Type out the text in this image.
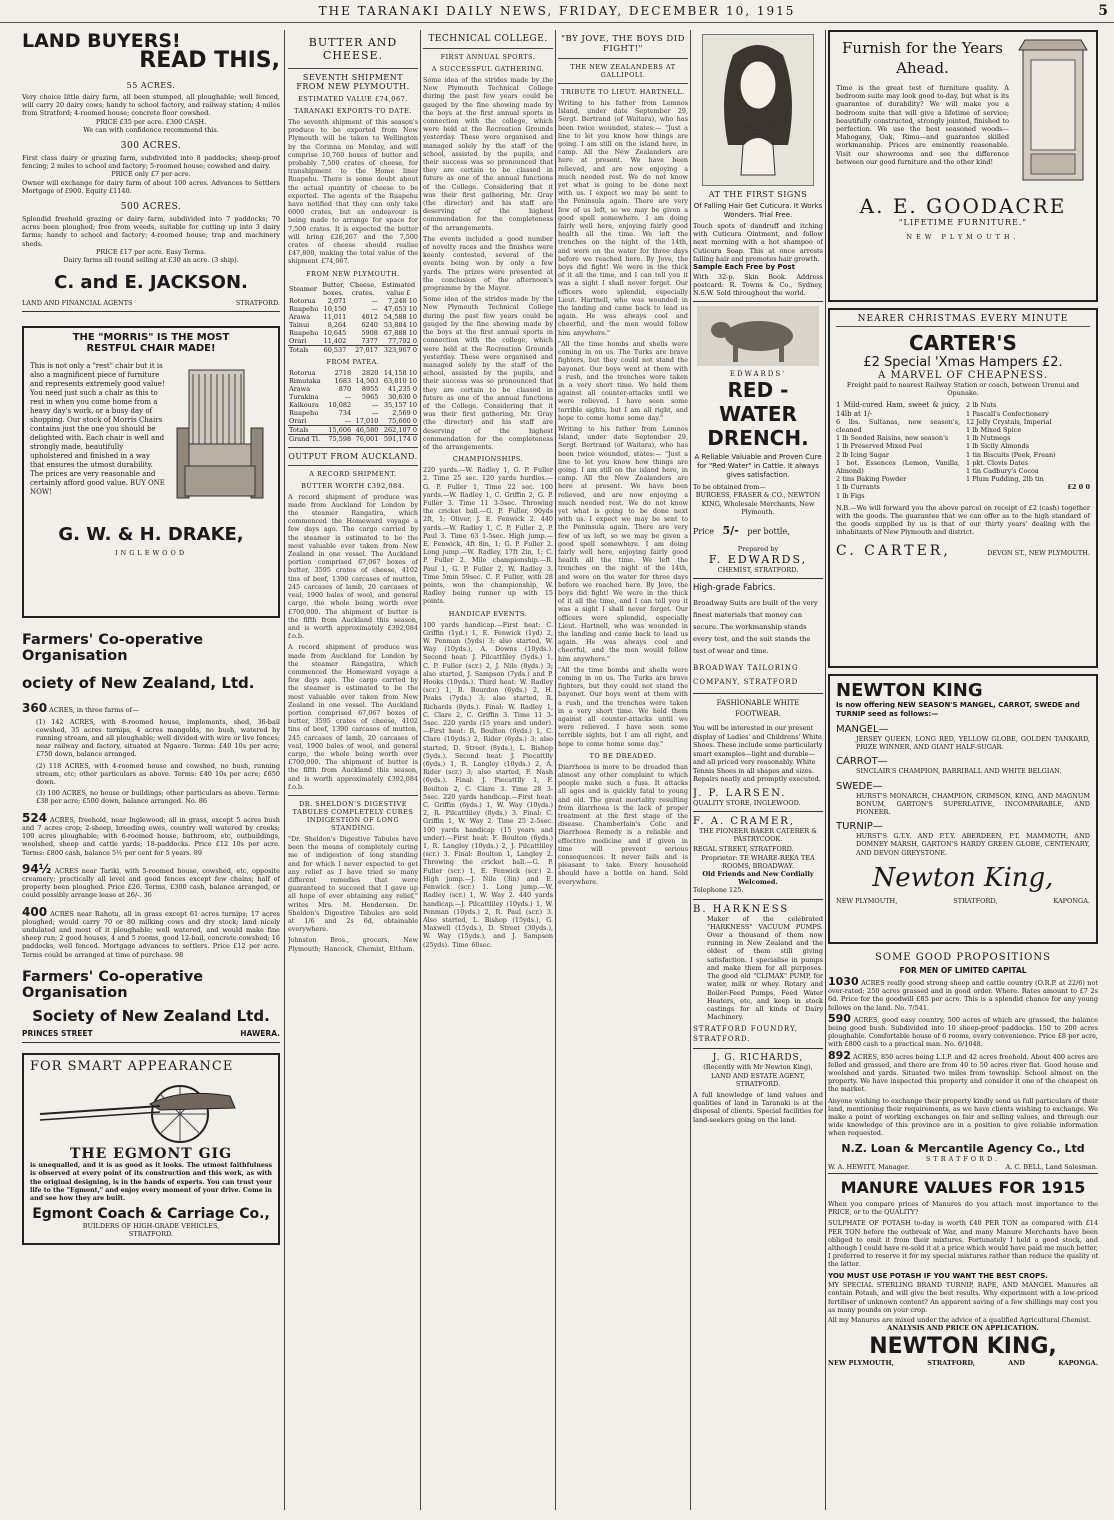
THE TARANAKI DAILY NEWS, FRIDAY, DECEMBER 10, 1915	5
LAND BUYERS!
READ THIS,
55 ACRES.
Very choice little dairy farm, all been stumped, all ploughable; well fenced, will carry 20 dairy cows; handy to school factory, and railway station; 4 miles from Stratford; 4-roomed house; concrete floor cowshed.
PRICE £35 per acre. £300 CASH.
We can with confidence recommend this.
300 ACRES.
First class dairy or grazing farm, subdivided into 8 paddocks; sheep-proof fencing; 2 miles to school and factory; 5-roomed house; cowshed and dairy.
PRICE only £7 per acre.
Owner will exchange for dairy farm of about 100 acres. Advances to Settlers Mortgage of £900. Equity £1140.
500 ACRES.
Splendid freehold grazing or dairy farm, subdivided into 7 paddocks; 70 acres been ploughed; free from weeds, suitable for cutting up into 3 dairy farms; handy to school and factory; 4-roomed house; trap and machinery sheds.
PRICE £17 per acre. Easy Terms.
Dairy farms all round selling at £30 an acre. (3 ship).
C. and E. JACKSON.
LAND AND FINANCIAL AGENTS	STRATFORD.
THE "MORRIS" IS THE MOST
RESTFUL CHAIR MADE!
This is not only a "rest" chair but it is also a magnificent piece of furniture and represents extremely good value! You need just such a chair as this to rest in when you come home from a heavy day's work, or a busy day of shopping. Our stock of Morris Chairs contains just the one you should be delighted with. Each chair is well and strongly made, beautifully upholstered and finished in a way that ensures the utmost durability. The prices are very reasonable and certainly afford good value. BUY ONE NOW!
G. W. & H. DRAKE,
INGLEWOOD
Farmers' Co-operative Organisation
ociety of New Zealand, Ltd.
360 ACRES, in three farms of—
(1) 142 ACRES, with 8-roomed house, implements, shed, 36-bail cowshed, 35 acres turnips, 4 acres mangolds, no bush, watered by running stream, and all ploughable; well divided with wire or live fences; near railway and factory, situated at Ngaere. Terms: £40 10s per acre; £750 down, balance arranged.
(2) 118 ACRES, with 4-roomed house and cowshed, no bush, running stream, etc; other particulars as above. Terms: £40 10s per acre; £650 down.
(3) 100 ACRES, no house or buildings; other particulars as above. Terms: £38 per acre; £500 down, balance arranged. No. 86
524 ACRES, freehold, near Inglewood; all in grass, except 5 acres bush and 7 acres crop; 2-sheep, breeding ewes, country well watered by creeks; 100 acres ploughable; with 6-roomed house, bathroom, etc, outbuildings, woolshed, sheep and cattle yards; 18-paddocks. Price £12 10s per acre. Terms: £800 cash, balance 5½ per cent for 5 years. 89
94½ ACRES near Tariki, with 5-roomed house, cowshed, etc, opposite creamery; practically all level and good fences except few chains; half of property been ploughed. Price £26. Terms, £300 cash, balance arranged, or could possibly arrange lease at 26/-. 36
400 ACRES near Rahotu, all in grass except 61 acres turnips; 17 acres ploughed; would carry 70 or 80 milking cows and dry stock; land nicely undulated and most of it ploughable; well watered, and would make fine sheep run; 2 good houses, 4 and 5 rooms, good 12-bail, concrete cowshed; 16 paddocks, well fenced. Mortgage advances to settlers. Price £12 per acre. Terms could be arranged at time of purchase. 98
Farmers' Co-operative Organisation
Society of New Zealand Ltd.
PRINCES STREET	HAWERA.
FOR SMART APPEARANCE
THE EGMONT GIG
is unequalled, and it is as good as it looks. The utmost faithfulness is observed at every point of its construction and this work, as with the original designing, is in the hands of experts. You can trust your life to the "Egmont," and enjoy every moment of your drive. Come in and see how they are built.
Egmont Coach & Carriage Co.,
BUILDERS OF HIGH-GRADE VEHICLES,
STRATFORD.
BUTTER AND CHEESE.
SEVENTH SHIPMENT FROM NEW PLYMOUTH.
ESTIMATED VALUE £74,067.
TARANAKI EXPORTS TO DATE.
The seventh shipment of this season's produce to be exported from New Plymouth will be taken to Wellington by the Corinna on Monday, and will comprise 10,760 boxes of butter and probably 7,500 crates of cheese, for transhipment to the Home liner Ruapehu. There is some doubt about the actual quantity of cheese to be exported. The agents of the Ruapehu have notified that they can only take 6000 crates, but an endeavour is being made to arrange for space for 7,500 crates. It is expected the butter will bring £26,267 and the 7,500 crates of cheese should realise £47,800, making the total value of the shipment £74,067.
FROM NEW PLYMOUTH.
Steamer	Butter, boxes.	Cheese, crates.	Estimated value £
Rotorua	2,071	—	7,248 10
Ruapehu	10,150	—	47,653 10
Arawa	11,011	4012	54,588 10
Tainui	8,264	6240	53,884 10
Ruapehu	10,645	5908	67,888 10
Orari	11,402	7377	77,792 0
Totals	60,537	27,017	323,967 0
FROM PATEA.
Rotorua	2718	2820	14,158 10
Rimutaka	1683	14,503	63,810 10
Arawa	870	8955	41,235 0
Turakina	—	5965	30,630 0
Kaikoura	10,082	—	35,157 10
Ruapehu	734	—	2,569 0
Orari	—	17,010	75,600 0
Totals	15,606	46,580	262,107 0
Grand Tl.	75,598	76,001	591,174 0
OUTPUT FROM AUCKLAND.
A RECORD SHIPMENT.
BUTTER WORTH £392,084.
A record shipment of produce was made from Auckland for London by the steamer Rangatira, which commenced the Homeward voyage a few days ago. The cargo carried by the steamer is estimated to be the most valuable ever taken from New Zealand in one vessel. The Auckland portion comprised 67,067 boxes of butter, 3595 crates of cheese, 4102 tins of beef, 1390 carcases of mutton, 245 carcases of lamb, 20 carcases of veal, 1900 bales of wool, and general cargo, the whole being worth over £700,000. The shipment of butter is the fifth from Auckland this season, and is worth approximately £392,084 f.o.b.
A record shipment of produce was made from Auckland for London by the steamer Rangatira, which commenced the Homeward voyage a few days ago. The cargo carried by the steamer is estimated to be the most valuable ever taken from New Zealand in one vessel. The Auckland portion comprised 67,067 boxes of butter, 3595 crates of cheese, 4102 tins of beef, 1390 carcases of mutton, 245 carcases of lamb, 20 carcases of veal, 1900 bales of wool, and general cargo, the whole being worth over £700,000. The shipment of butter is the fifth from Auckland this season, and is worth approximately £392,084 f.o.b.
DR. SHELDON'S DIGESTIVE TABULES COMPLETELY CURES INDIGESTION OF LONG STANDING.
"Dr. Sheldon's Digestive Tabules have been the means of completely curing me of indigestion of long standing and for which I never expected to get any relief as I have tried so many different remedies that were guaranteed to succeed that I gave up all hope of ever obtaining any relief," writes Mrs. M. Hendersen. Dr. Sheldon's Digestive Tabules are sold at 1/6 and 2s 6d, obtainable everywhere.
Johnston Bros., grocers, New Plymouth; Hancock, Chemist, Eltham.
TECHNICAL COLLEGE.
FIRST ANNUAL SPORTS.
A SUCCESSFUL GATHERING.
Some idea of the strides made by the New Plymouth Technical College during the past few years could be gauged by the fine showing made by the boys at the first annual sports in connection with the college, which were held at the Recreation Grounds yesterday. These were organised and managed solely by the staff of the school, assisted by the pupils, and their success was so pronounced that they are certain to be classed in future as one of the annual functions of the College. Considering that it was their first gathering, Mr. Gray (the director) and his staff are deserving of the highest commendation for the completeness of the arrangements.
The events included a good number of novelty races and the finishes were keenly contested, several of the events being won by only a few yards. The prizes were presented at the conclusion of the afternoon's programme by the Mayor.
Some idea of the strides made by the New Plymouth Technical College during the past few years could be gauged by the fine showing made by the boys at the first annual sports in connection with the college, which were held at the Recreation Grounds yesterday. These were organised and managed solely by the staff of the school, assisted by the pupils, and their success was so pronounced that they are certain to be classed in future as one of the annual functions of the College. Considering that it was their first gathering, Mr. Gray (the director) and his staff are deserving of the highest commendation for the completeness of the arrangements.
CHAMPIONSHIPS.
220 yards.—W. Radley 1, G. P. Fuller 2. Time 25 sec. 120 yards hurdles.—G. P. Fuller 1, Time 22 sec. 100 yards.—W. Radley 1, C. Griffin 2, G. P. Fuller 3. Time 11 3-5sec. Throwing the cricket ball.—G. P. Fuller, 90yds 2ft, 1; Oliver, J. E. Fenwick 2. 440 yards.—W. Radley 1, C. P. Fuller 2, P. Paul 3. Time 63 1-5sec. High jump.—E. Fenwick, 4ft 8in, 1; G. P. Fuller 2. Long jump.—W. Radley, 17ft 2in, 1; C. P. Fuller 2. Mile championship.—R. Paul 1, G. P. Fuller 2, W. Radley 3. Time 5min 59sec. C. P. Fuller, with 28 points, won the championship, W. Radley being runner up with 15 points.
HANDICAP EVENTS.
100 yards handicap.—First heat: C. Griffin (1yd.) 1, E. Fenwick (1yd) 2, W. Penman (5yds) 3; also started, W. Way (10yds.), A. Downs (10yds.). Second heat: J. Pilcattliley (5yds.) 1, C. P. Fuller (scr.) 2, J. Nile (8yds.) 3; also started, J. Sampson (7yds.) and P. Hooks (10yds.). Third heat: W. Radley (scr.) 1, B. Bourdon (6yds.) 2, H. Peaks (7yds.) 3; also started, R. Richards (8yds.). Final: W. Radley 1, C. Clare 2, C. Griffin 3. Time 11 3-5sec. 220 yards (15 years and under).—First heat: R. Boulton (6yds.) 1, C. Clare (10yds.) 2, Rider (6yds.) 3; also started, D. Street (8yds.), L. Bishop (5yds.). Second heat: J. Piecattlly (6yds.) 1, R. Langley (10yds.) 2, A. Rider (scr.) 3; also started, F. Nash (6yds.). Final: J. Piecattlly 1, F. Boulton 2, C. Clare 3. Time 28 3-5sec. 220 yards handicap.—First heat: C. Griffin (6yds.) 1, W. Way (10yds.) 2, R. Pilcattliley (8yds.) 3. Final: C. Griffin 1, W. Way 2. Time 25 2-5sec. 100 yards handicap (15 years and under).—First heat: F. Boulton (6yds.) 1, R. Langley (10yds.) 2, J. Pilcattliley (scr.) 3. Final: Boulton 1, Langley 2. Throwing the cricket ball.—G. P. Fuller (scr.) 1, E. Fenwick (scr.) 2. High jump.—J. Nile (3in) and E. Fenwick (scr.) 1. Long jump.—W. Radley (scr.) 1, W. Way 2. 440 yards handicap.—J. Pilcattliley (10yds.) 1, W. Penman (10yds.) 2, R. Paul (scr.) 3. Also started, L. Bishop (15yds.), G. Maxwell (15yds.), D. Street (30yds.), W. Way (15yds.), and J. Sampson (25yds). Time 60sec.
"BY JOVE, THE BOYS DID FIGHT!"
THE NEW ZEALANDERS AT GALLIPOLI.
TRIBUTE TO LIEUT. HARTNELL.
Writing to his father from Lemnos Island, under date September 29, Sergt. Bertrand (of Waitara), who has been twice wounded, states:— "Just a line to let you know how things are going. I am still on the island here, in camp. All the New Zealanders are here at present. We have been relieved, and are now enjoying a much needed rest. We do not know yet what is going to be done next with us. I expect we may be sent to the Peninsula again. There are very few of us left, so we may be given a good spell somewhere. I am doing fairly well here, enjoying fairly good health all the time. We left the trenches on the night of the 14th, and were on the water for three days before we reached here. By Jove, the boys did fight! We were in the thick of it all the time, and I can tell you it was a sight I shall never forget. Our officers were splendid, especially Lieut. Hartnell, who was wounded in the landing and came back to lead us again. He was always cool and cheerful, and the men would follow him anywhere."
"All the time bombs and shells were coming in on us. The Turks are brave fighters, but they could not stand the bayonet. Our boys went at them with a rush, and the trenches were taken in a very short time. We held them against all counter-attacks until we were relieved. I have seen some terrible sights, but I am all right, and hope to come home some day."
Writing to his father from Lemnos Island, under date September 29, Sergt. Bertrand (of Waitara), who has been twice wounded, states:— "Just a line to let you know how things are going. I am still on the island here, in camp. All the New Zealanders are here at present. We have been relieved, and are now enjoying a much needed rest. We do not know yet what is going to be done next with us. I expect we may be sent to the Peninsula again. There are very few of us left, so we may be given a good spell somewhere. I am doing fairly well here, enjoying fairly good health all the time. We left the trenches on the night of the 14th, and were on the water for three days before we reached here. By Jove, the boys did fight! We were in the thick of it all the time, and I can tell you it was a sight I shall never forget. Our officers were splendid, especially Lieut. Hartnell, who was wounded in the landing and came back to lead us again. He was always cool and cheerful, and the men would follow him anywhere."
"All the time bombs and shells were coming in on us. The Turks are brave fighters, but they could not stand the bayonet. Our boys went at them with a rush, and the trenches were taken in a very short time. We held them against all counter-attacks until we were relieved. I have seen some terrible sights, but I am all right, and hope to come home some day."
TO BE DREADED.
Diarrhoea is more to be dreaded than almost any other complaint to which people make such a fuss. It attacks all ages and is quickly fatal to young and old. The great mortality resulting from diarrhoea is the lack of proper treatment at the first stage of the disease. Chamberlain's Colic and Diarrhoea Remedy is a reliable and effective medicine and if given in time will prevent serious consequences. It never fails and is pleasant to take. Every household should have a bottle on hand. Sold everywhere.
AT THE FIRST SIGNS
Of Falling Hair Get Cuticura. It Works Wonders. Trial Free.
Touch spots of dandruff and itching with Cuticura Ointment, and follow next morning with a hot shampoo of Cuticura Soap. This at once arrests falling hair and promotes hair growth.
Sample Each Free by Post
With 32-p. Skin Book. Address postcard: R. Towns & Co., Sydney, N.S.W. Sold throughout the world.
EDWARDS'
RED - WATER DRENCH.
A Reliable Valuable and Proven Cure for "Red Water" in Cattle. It always gives satisfaction.
To be obtained from—
BURGESS, FRASER & CO., NEWTON KING, Wholesale Merchants, New Plymouth.
Price 5/- per bottle,
Prepared by
F. EDWARDS,
CHEMIST, STRATFORD.
High-grade Fabrics.
Broadway Suits are built of the very finest materials that money can secure. The workmanship stands every test, and the suit stands the test of wear and time.
BROADWAY TAILORING COMPANY, STRATFORD
FASHIONABLE WHITE FOOTWEAR.
You will be interested in our present display of Ladies' and Childrens' White Shoes. These include some particularly smart examples—light and durable—and all priced very reasonably. White Tennis Shoes in all shapes and sizes. Repairs neatly and promptly executed.
J. P. LARSEN.
QUALITY STORE, INGLEWOOD.
F. A. CRAMER,
THE PIONEER BAKER CATERER & PASTRYCOOK.
REGAL STREET, STRATFORD.
Proprietor: TE WHARE-REKA TEA ROOMS, BROADWAY.
Old Friends and New Cordially Welcomed.
Telephone 125.
B. HARKNESS
Maker of the celebrated "HARKNESS" VACUUM PUMPS. Over a thousand of them now running in New Zealand and the oldest of them still giving satisfaction. I specialise in pumps and make them for all purposes. The good old "CLIMAX" PUMP, for water, milk or whey. Rotary and Boiler-Feed Pumps, Feed Water Heaters, etc, and keep in stock castings for all kinds of Dairy Machinery.
STRATFORD FOUNDRY, STRATFORD.
J. G. RICHARDS,
(Recently with Mr Newton King), LAND AND ESTATE AGENT, STRATFORD.
A full knowledge of land values and qualities of land in Taranaki is at the disposal of clients. Special facilities for land-seekers going on the land.
Furnish for the Years Ahead.
Time is the great test of furniture quality. A bedroom suite may look good to-day, but what is its guarantee of durability? We will make you a bedroom suite that will give a lifetime of service; beautifully constructed, strongly jointed, finished to perfection. We use the best seasoned woods—Mahogany, Oak, Rimu—and guarantee skilled workmanship. Prices are eminently reasonable. Visit our showrooms and see the difference between our good furniture and the other kind!
A. E. GOODACRE
"LIFETIME FURNITURE."
NEW PLYMOUTH.
NEARER CHRISTMAS EVERY MINUTE
CARTER'S
£2 Special 'Xmas Hampers £2.
A MARVEL OF CHEAPNESS.
Freight paid to nearest Railway Station or coach, between Urenui and Opunake.
1 Mild-cured Ham, sweet & juicy, 14lb at 1/-
6 lbs. Sultanas, new season's, cleaned
1 lb Seeded Raisins, new season's
1 lb Preserved Mixed Peel
2 lb Icing Sugar
1 bot. Essences (Lemon, Vanilla, Almond)
2 tins Baking Powder
1 lb Currants
1 lb Figs
2 lb Nuts
1 Pascall's Confectionery
12 Jelly Crystals, Imperial
1 lb Mixed Spice
1 lb Nutmegs
1 lb Sicily Almonds
1 tin Biscuits (Peek, Frean)
1 pkt. Clovis Dates
1 tin Cadbury's Cocoa
1 Plum Pudding, 2lb tin
£2 0 0
N.B.—We will forward you the above parcel on receipt of £2 (cash) together with the goods. The guarantee that we can offer as to the high standard of the goods supplied by us is that of our thirty years' dealing with the inhabitants of New Plymouth and district.
C. CARTER,	DEVON ST., NEW PLYMOUTH.
NEWTON KING
Is now offering NEW SEASON'S MANGEL, CARROT, SWEDE and TURNIP seed as follows:—
MANGEL—
JERSEY QUEEN, LONG RED, YELLOW GLOBE, GOLDEN TANKARD, PRIZE WINNER, AND GIANT HALF-SUGAR.
CARROT—
SINCLAIR'S CHAMPION, BARRIBALL AND WHITE BELGIAN.
SWEDE—
HURST'S MONARCH, CHAMPION, CRIMSON, KING, AND MAGNUM BONUM, GARTON'S SUPERLATIVE, INCOMPARABLE, AND PIONEER.
TURNIP—
HURST'S G.T.Y. AND P.T.Y. ABERDEEN, P.T. MAMMOTH, AND DOMNEY MARSH, GARTON'S HARDY GREEN GLOBE, CENTENARY, AND DEVON GREYSTONE.
Newton King,
NEW PLYMOUTH,	STRATFORD,	KAPONGA.
SOME GOOD PROPOSITIONS
FOR MEN OF LIMITED CAPITAL
1030 ACRES really good strong sheep and cattle country (O.R.P. at 22/6) not over-rated; 250 acres grassed and in good order. Where. Rates amount to £7 2s 6d. Price for the goodwill £85 per acre. This is a splendid chance for any young fellows on the land. No. 7/541.
590 ACRES, good easy country, 500 acres of which are grassed, the balance being good bush. Subdivided into 10 sheep-proof paddocks. 150 to 200 acres ploughable. Comfortable house of 6 rooms, every convenience. Price £8 per acre, with £800 cash to a practical man. No. 6/1048.
892 ACRES, 850 acres being L.I.P. and 42 acres freehold. About 400 acres are felled and grassed, and there are from 40 to 50 acres river flat. Good house and woolshed and yards. Situated two miles from township. School almost on the property. We have inspected this property and consider it one of the cheapest on the market.
Anyone wishing to exchange their property kindly send us full particulars of their land, mentioning their requirements, as we have clients wishing to exchange. We make a point of working exchanges on fair and selling values, and through our wide knowledge of this province are in a position to give reliable information when requested.
N.Z. Loan & Mercantile Agency Co., Ltd
STRATFORD.
W. A. HEWITT, Manager.	A. C. BELL, Land Salesman.
MANURE VALUES FOR 1915
When you compare prices of Manures do you attach most importance to the PRICE, or to the QUALITY?
SULPHATE OF POTASH to-day is worth £40 PER TON as compared with £14 PER TON before the outbreak of War, and many Manure Merchants have been obliged to omit it from their mixtures. Fortunately I held a good stock, and although I could have re-sold it at a price which would have paid me much better, I preferred to reserve it for my special mixtures rather than reduce the quality of the latter.
YOU MUST USE POTASH IF YOU WANT THE BEST CROPS.
MY SPECIAL STERLING BRAND TURNIP, RAPE, AND MANGEL Manures all contain Potash, and will give the best results. Why experiment with a low-priced fertiliser of unknown content? An apparent saving of a few shillings may cost you as many pounds on your crop.
All my Manures are mixed under the advice of a qualified Agricultural Chemist.
ANALYSIS AND PRICE ON APPLICATION.
NEWTON KING,
NEW PLYMOUTH,	STRATFORD,	AND	KAPONGA.
